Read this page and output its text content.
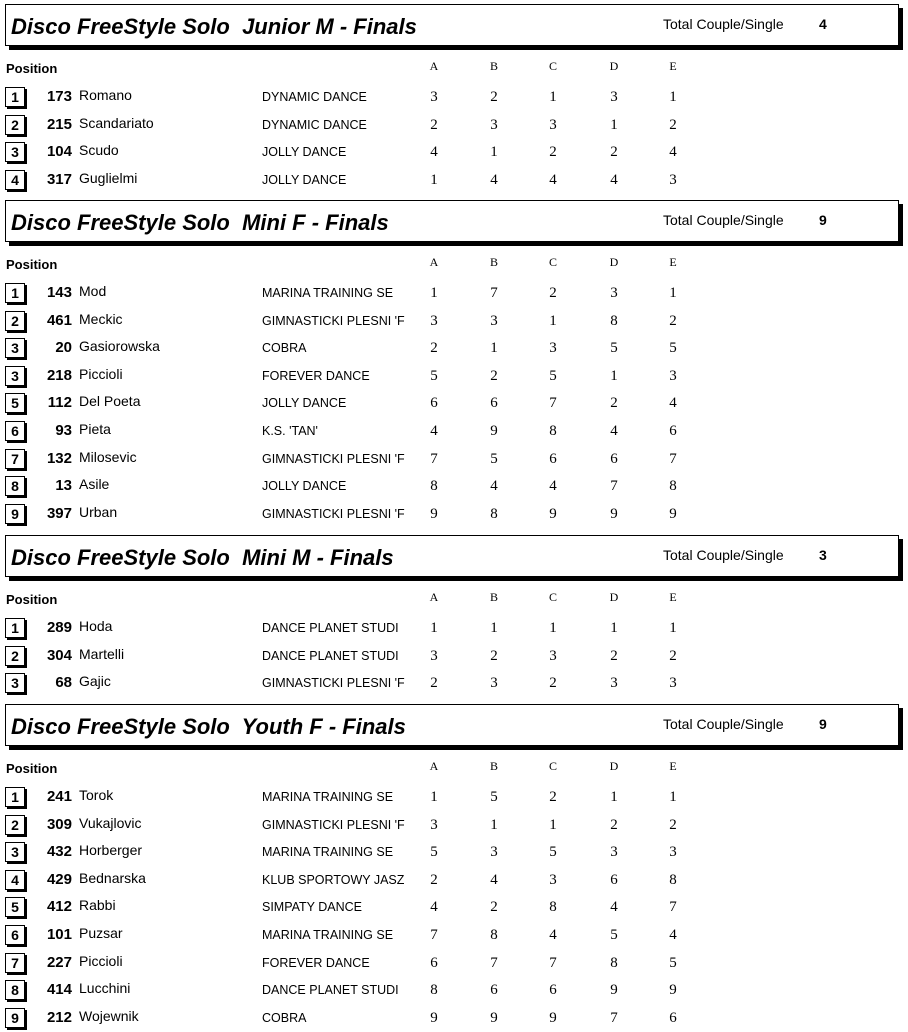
Disco FreeStyle Solo  Junior M - Finals	Total Couple/Single	4
Position	A	B	C	D	E
1	173 Romano	DYNAMIC DANCE	3	2	1	3	1
2	215 Scandariato	DYNAMIC DANCE	2	3	3	1	2
3	104 Scudo	JOLLY DANCE	4	1	2	2	4
4	317 Guglielmi	JOLLY DANCE	1	4	4	4	3
Disco FreeStyle Solo  Mini F - Finals	Total Couple/Single	9
Position	A	B	C	D	E
1	143 Mod	MARINA TRAINING SE	1	7	2	3	1
2	461 Meckic	GIMNASTICKI PLESNI 'F	3	3	1	8	2
3	20 Gasiorowska	COBRA	2	1	3	5	5
3	218 Piccioli	FOREVER DANCE	5	2	5	1	3
5	112 Del Poeta	JOLLY DANCE	6	6	7	2	4
6	93 Pieta	K.S. 'TAN'	4	9	8	4	6
7	132 Milosevic	GIMNASTICKI PLESNI 'F	7	5	6	6	7
8	13 Asile	JOLLY DANCE	8	4	4	7	8
9	397 Urban	GIMNASTICKI PLESNI 'F	9	8	9	9	9
Disco FreeStyle Solo  Mini M - Finals	Total Couple/Single	3
Position	A	B	C	D	E
1	289 Hoda	DANCE PLANET STUDI	1	1	1	1	1
2	304 Martelli	DANCE PLANET STUDI	3	2	3	2	2
3	68 Gajic	GIMNASTICKI PLESNI 'F	2	3	2	3	3
Disco FreeStyle Solo  Youth F - Finals	Total Couple/Single	9
Position	A	B	C	D	E
1	241 Torok	MARINA TRAINING SE	1	5	2	1	1
2	309 Vukajlovic	GIMNASTICKI PLESNI 'F	3	1	1	2	2
3	432 Horberger	MARINA TRAINING SE	5	3	5	3	3
4	429 Bednarska	KLUB SPORTOWY JASZ	2	4	3	6	8
5	412 Rabbi	SIMPATY DANCE	4	2	8	4	7
6	101 Puzsar	MARINA TRAINING SE	7	8	4	5	4
7	227 Piccioli	FOREVER DANCE	6	7	7	8	5
8	414 Lucchini	DANCE PLANET STUDI	8	6	6	9	9
9	212 Wojewnik	COBRA	9	9	9	7	6
